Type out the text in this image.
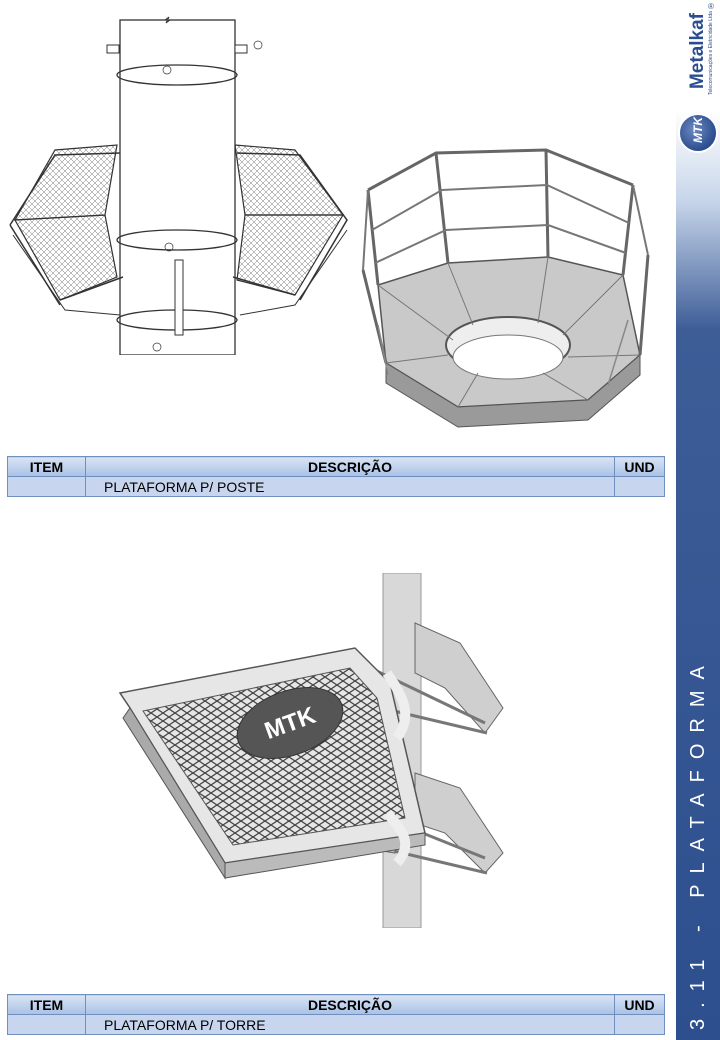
Metalkaf
®
Telecomunicações e Eletricidade Ltda
MTK
3.11 - PLATAFORMA
ITEM	DESCRIÇÃO	UND
	PLATAFORMA P/ POSTE	
MTK
ITEM	DESCRIÇÃO	UND
	PLATAFORMA P/ TORRE	
